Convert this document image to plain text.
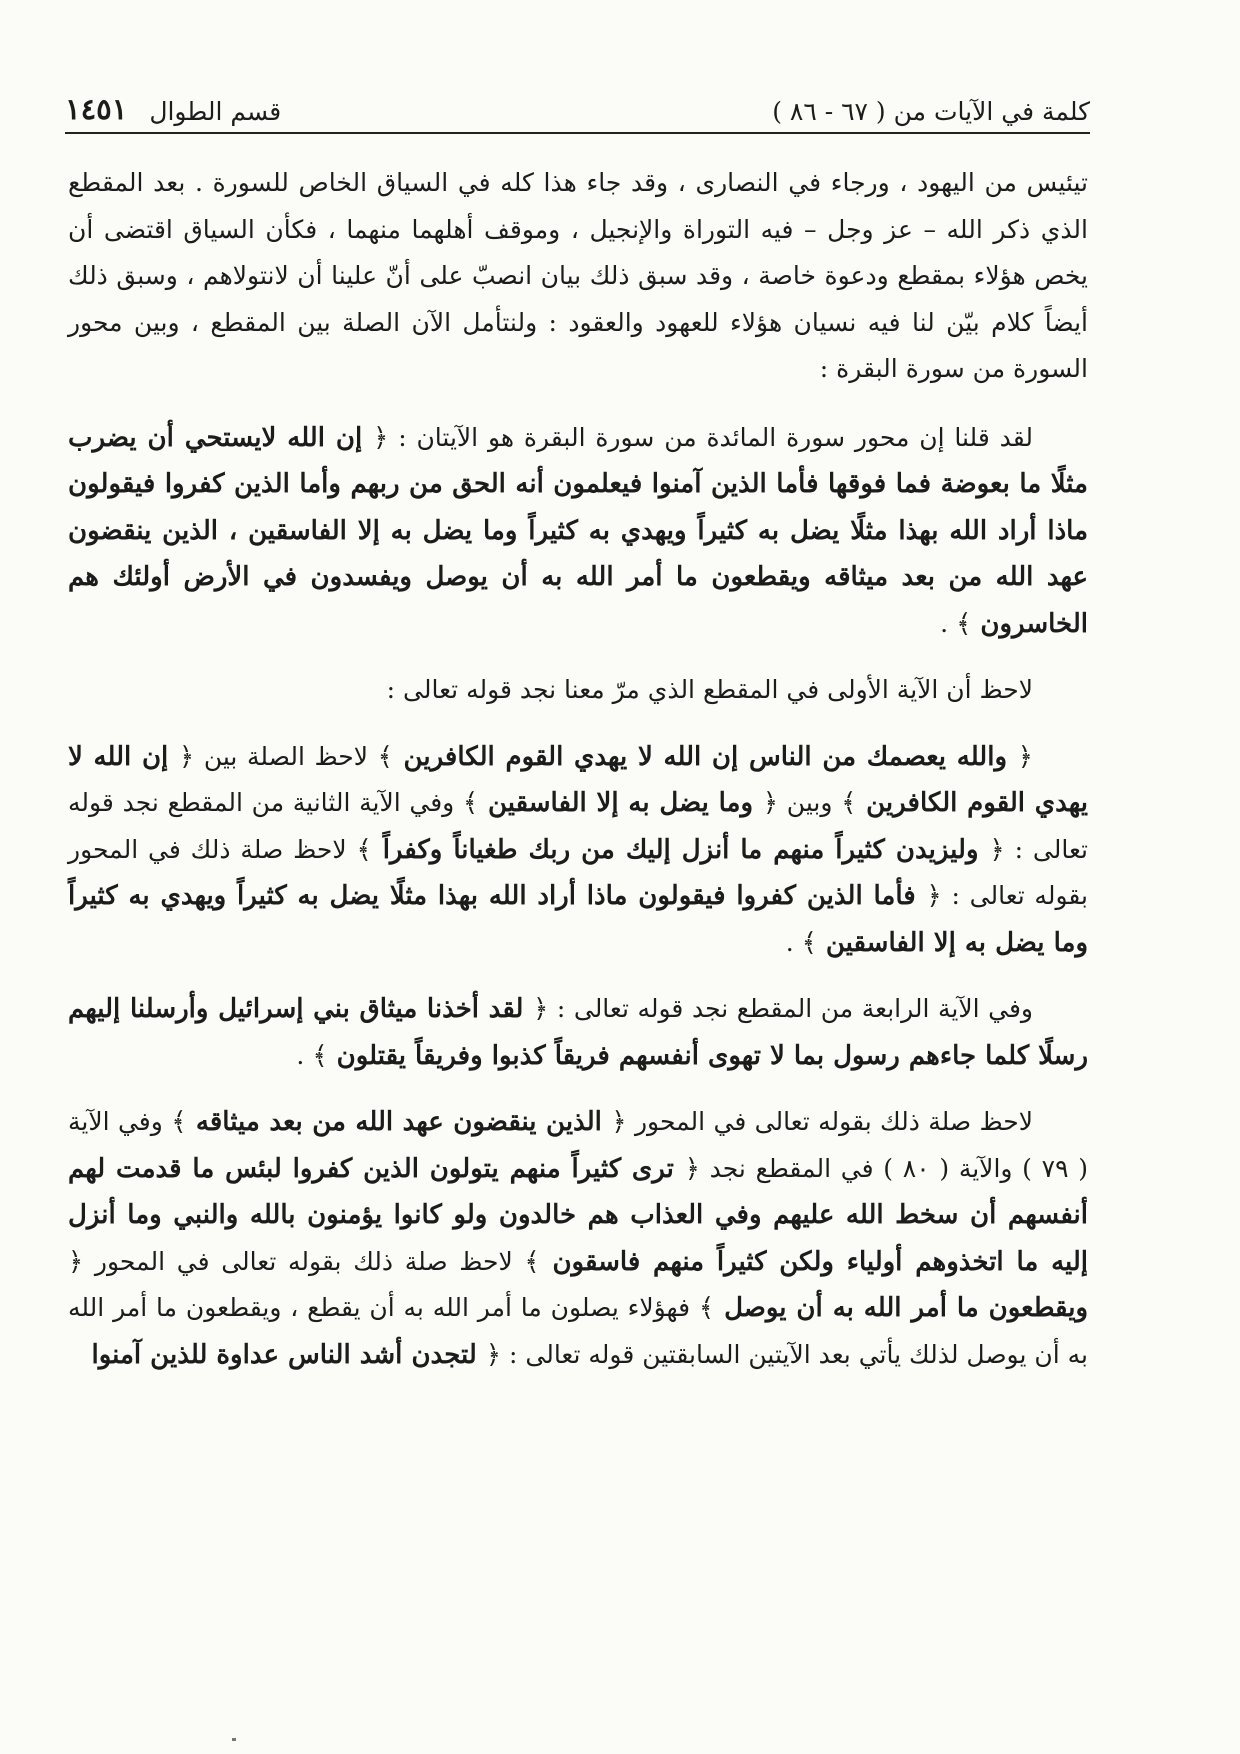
كلمة في الآيات من ( ٦٧ - ٨٦ )
قسم الطوال
١٤٥١

تيئيس من اليهود ، ورجاء في النصارى ، وقد جاء هذا كله في السياق الخاص للسورة . بعد المقطع الذي ذكر الله – عز وجل – فيه التوراة والإنجيل ، وموقف أهلهما منهما ، فكأن السياق اقتضى أن يخص هؤلاء بمقطع ودعوة خاصة ، وقد سبق ذلك بيان انصبّ على أنّ علينا أن لانتولاهم ، وسبق ذلك أيضاً كلام بيّن لنا فيه نسيان هؤلاء للعهود والعقود : ولنتأمل الآن الصلة بين المقطع ، وبين محور السورة من سورة البقرة :

لقد قلنا إن محور سورة المائدة من سورة البقرة هو الآيتان : ﴿ إن الله لايستحي أن يضرب مثلًا ما بعوضة فما فوقها فأما الذين آمنوا فيعلمون أنه الحق من ربهم وأما الذين كفروا فيقولون ماذا أراد الله بهذا مثلًا يضل به كثيراً ويهدي به كثيراً وما يضل به إلا الفاسقين ، الذين ينقضون عهد الله من بعد ميثاقه ويقطعون ما أمر الله به أن يوصل ويفسدون في الأرض أولئك هم الخاسرون ﴾ .

لاحظ أن الآية الأولى في المقطع الذي مرّ معنا نجد قوله تعالى :

﴿ والله يعصمك من الناس إن الله لا يهدي القوم الكافرين ﴾ لاحظ الصلة بين ﴿ إن الله لا يهدي القوم الكافرين ﴾ وبين ﴿ وما يضل به إلا الفاسقين ﴾ وفي الآية الثانية من المقطع نجد قوله تعالى : ﴿ وليزيدن كثيراً منهم ما أنزل إليك من ربك طغياناً وكفراً ﴾ لاحظ صلة ذلك في المحور بقوله تعالى : ﴿ فأما الذين كفروا فيقولون ماذا أراد الله بهذا مثلًا يضل به كثيراً ويهدي به كثيراً وما يضل به إلا الفاسقين ﴾ .

وفي الآية الرابعة من المقطع نجد قوله تعالى : ﴿ لقد أخذنا ميثاق بني إسرائيل وأرسلنا إليهم رسلًا كلما جاءهم رسول بما لا تهوى أنفسهم فريقاً كذبوا وفريقاً يقتلون ﴾ .

لاحظ صلة ذلك بقوله تعالى في المحور ﴿ الذين ينقضون عهد الله من بعد ميثاقه ﴾ وفي الآية ( ٧٩ ) والآية ( ٨٠ ) في المقطع نجد ﴿ ترى كثيراً منهم يتولون الذين كفروا لبئس ما قدمت لهم أنفسهم أن سخط الله عليهم وفي العذاب هم خالدون ولو كانوا يؤمنون بالله والنبي وما أنزل إليه ما اتخذوهم أولياء ولكن كثيراً منهم فاسقون ﴾ لاحظ صلة ذلك بقوله تعالى في المحور ﴿ ويقطعون ما أمر الله به أن يوصل ﴾ فهؤلاء يصلون ما أمر الله به أن يقطع ، ويقطعون ما أمر الله به أن يوصل لذلك يأتي بعد الآيتين السابقتين قوله تعالى : ﴿ لتجدن أشد الناس عداوة للذين آمنوا
